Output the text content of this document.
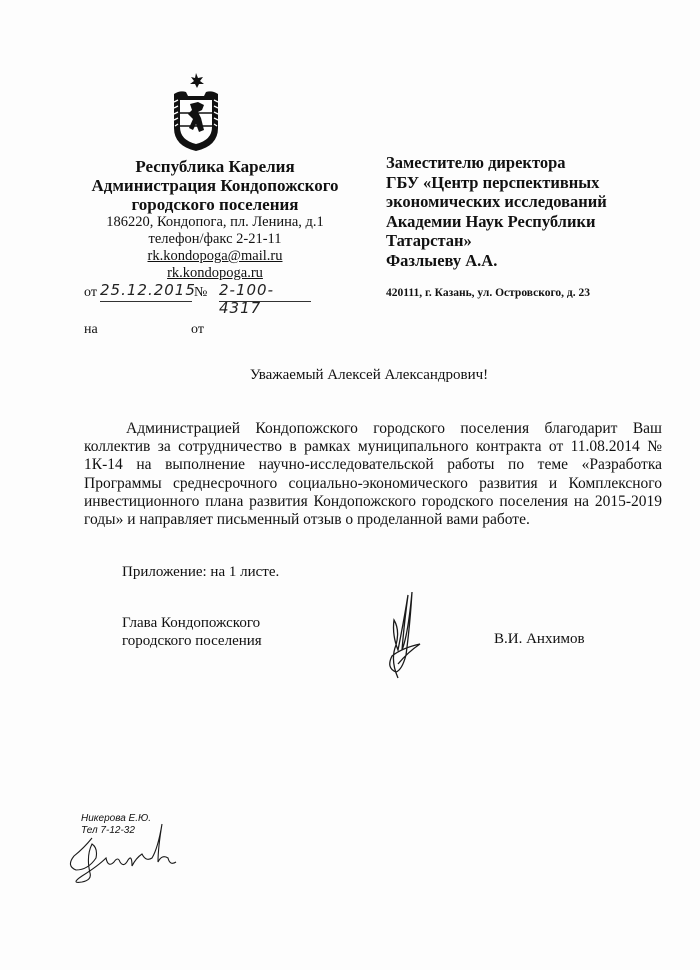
Республика Карелия
Администрация Кондопожского
городского поселения
186220, Кондопога, пл. Ленина, д.1
телефон/факс 2-21-11
rk.kondopoga@mail.ru
rk.kondopoga.ru
от 25.12.2015
№ 2-100-4317
на	от
Заместителю директора
ГБУ «Центр перспективных
экономических исследований
Академии Наук Республики
Татарстан»
Фазлыеву А.А.
420111, г. Казань, ул. Островского, д. 23
Уважаемый Алексей Александрович!

Администрацией Кондопожского городского поселения благодарит Ваш коллектив за сотрудничество в рамках муниципального контракта от 11.08.2014 № 1К-14 на выполнение научно-исследовательской работы по теме «Разработка Программы среднесрочного социально-экономического развития и Комплексного инвестиционного плана развития Кондопожского городского поселения на 2015-2019 годы» и направляет письменный отзыв о проделанной вами работе.

Приложение: на 1 листе.
Глава Кондопожского
городского поселения	В.И. Анхимов
Никерова Е.Ю.
Тел 7-12-32
